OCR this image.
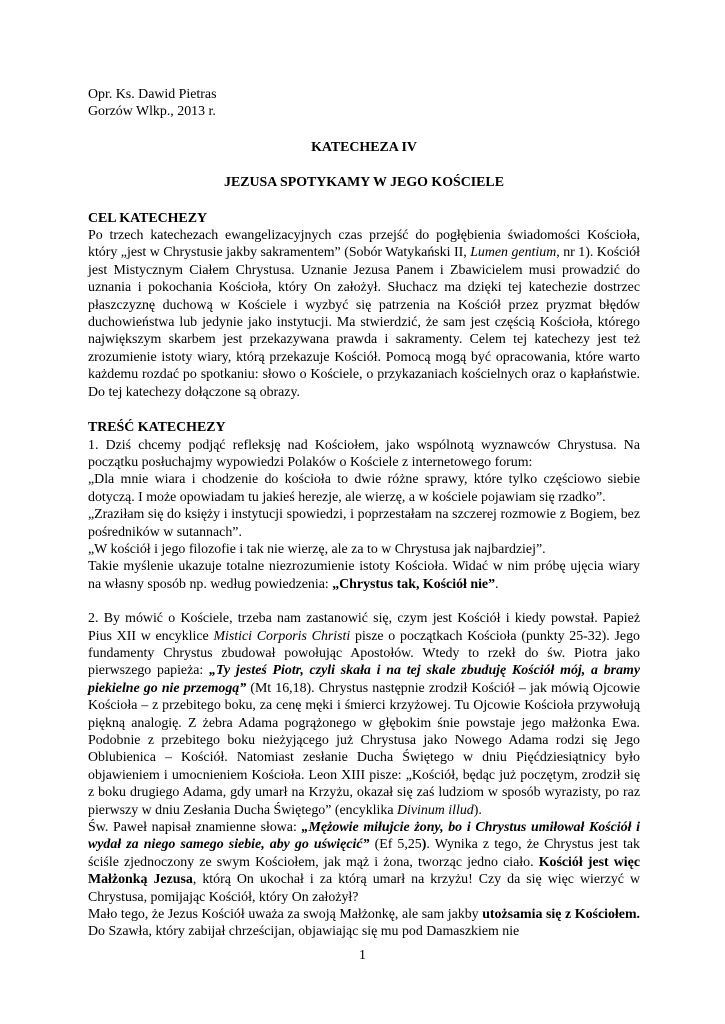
Opr. Ks. Dawid Pietras

Gorzów Wlkp., 2013 r.

KATECHEZA IV

JEZUSA SPOTYKAMY W JEGO KOŚCIELE

CEL KATECHEZY

Po trzech katechezach ewangelizacyjnych czas przejść do pogłębienia świadomości Kościoła, który „jest w Chrystusie jakby sakramentem” (Sobór Watykański II, Lumen gentium, nr 1). Kościół jest Mistycznym Ciałem Chrystusa. Uznanie Jezusa Panem i Zbawicielem musi prowadzić do uznania i pokochania Kościoła, który On założył. Słuchacz ma dzięki tej katechezie dostrzec płaszczyznę duchową w Kościele i wyzbyć się patrzenia na Kościół przez pryzmat błędów duchowieństwa lub jedynie jako instytucji. Ma stwierdzić, że sam jest częścią Kościoła, którego największym skarbem jest przekazywana prawda i sakramenty. Celem tej katechezy jest też zrozumienie istoty wiary, którą przekazuje Kościół. Pomocą mogą być opracowania, które warto każdemu rozdać po spotkaniu: słowo o Kościele, o przykazaniach kościelnych oraz o kapłaństwie. Do tej katechezy dołączone są obrazy.

TREŚĆ KATECHEZY

1. Dziś chcemy podjąć refleksję nad Kościołem, jako wspólnotą wyznawców Chrystusa. Na początku posłuchajmy wypowiedzi Polaków o Kościele z internetowego forum:

„Dla mnie wiara i chodzenie do kościoła to dwie różne sprawy, które tylko częściowo siebie dotyczą. I może opowiadam tu jakieś herezje, ale wierzę, a w kościele pojawiam się rzadko”.

„Zraziłam się do księży i instytucji spowiedzi, i poprzestałam na szczerej rozmowie z Bogiem, bez pośredników w sutannach”.

„W kościół i jego filozofie i tak nie wierzę, ale za to w Chrystusa jak najbardziej”.

Takie myślenie ukazuje totalne niezrozumienie istoty Kościoła. Widać w nim próbę ujęcia wiary na własny sposób np. według powiedzenia: „Chrystus tak, Kościół nie”.

2. By mówić o Kościele, trzeba nam zastanowić się, czym jest Kościół i kiedy powstał. Papież Pius XII w encyklice Mistici Corporis Christi pisze o początkach Kościoła (punkty 25-32). Jego fundamenty Chrystus zbudował powołując Apostołów. Wtedy to rzekł do św. Piotra jako pierwszego papieża: „Ty jesteś Piotr, czyli skała i na tej skale zbuduję Kościół mój, a bramy piekielne go nie przemogą” (Mt 16,18). Chrystus następnie zrodził Kościół – jak mówią Ojcowie Kościoła – z przebitego boku, za cenę męki i śmierci krzyżowej. Tu Ojcowie Kościoła przywołują piękną analogię. Z żebra Adama pogrążonego w głębokim śnie powstaje jego małżonka Ewa. Podobnie z przebitego boku nieżyjącego już Chrystusa jako Nowego Adama rodzi się Jego Oblubienica – Kościół. Natomiast zesłanie Ducha Świętego w dniu Pięćdziesiątnicy było objawieniem i umocnieniem Kościoła. Leon XIII pisze: „Kościół, będąc już poczętym, zrodził się z boku drugiego Adama, gdy umarł na Krzyżu, okazał się zaś ludziom w sposób wyrazisty, po raz pierwszy w dniu Zesłania Ducha Świętego” (encyklika Divinum illud).

Św. Paweł napisał znamienne słowa: „Mężowie miłujcie żony, bo i Chrystus umiłował Kościół i wydał za niego samego siebie, aby go uświęcić” (Ef 5,25). Wynika z tego, że Chrystus jest tak ściśle zjednoczony ze swym Kościołem, jak mąż i żona, tworząc jedno ciało. Kościół jest więc Małżonką Jezusa, którą On ukochał i za którą umarł na krzyżu! Czy da się więc wierzyć w Chrystusa, pomijając Kościół, który On założył?

Mało tego, że Jezus Kościół uważa za swoją Małżonkę, ale sam jakby utożsamia się z Kościołem. Do Szawła, który zabijał chrześcijan, objawiając się mu pod Damaszkiem nie

1
